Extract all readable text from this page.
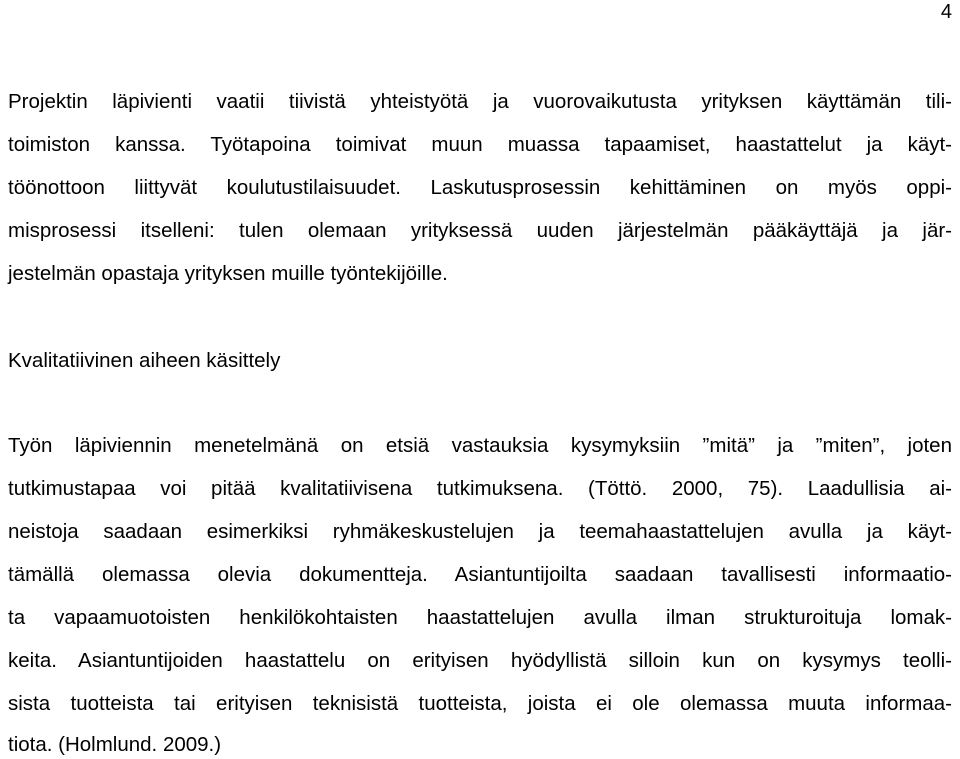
4
Projektin läpivienti vaatii tiivistä yhteistyötä ja vuorovaikutusta yrityksen käyttämän tili-
toimiston kanssa. Työtapoina toimivat muun muassa tapaamiset, haastattelut ja käyt-
töönottoon liittyvät koulutustilaisuudet. Laskutusprosessin kehittäminen on myös oppi-
misprosessi itselleni: tulen olemaan yrityksessä uuden järjestelmän pääkäyttäjä ja jär-
jestelmän opastaja yrityksen muille työntekijöille.
Kvalitatiivinen aiheen käsittely
Työn läpiviennin menetelmänä on etsiä vastauksia kysymyksiin ”mitä” ja ”miten”, joten
tutkimustapaa voi pitää kvalitatiivisena tutkimuksena. (Töttö. 2000, 75). Laadullisia ai-
neistoja saadaan esimerkiksi ryhmäkeskustelujen ja teemahaastattelujen avulla ja käyt-
tämällä olemassa olevia dokumentteja. Asiantuntijoilta saadaan tavallisesti informaatio-
ta vapaamuotoisten henkilökohtaisten haastattelujen avulla ilman strukturoituja lomak-
keita. Asiantuntijoiden haastattelu on erityisen hyödyllistä silloin kun on kysymys teolli-
sista tuotteista tai erityisen teknisistä tuotteista, joista ei ole olemassa muuta informaa-
tiota. (Holmlund. 2009.)
